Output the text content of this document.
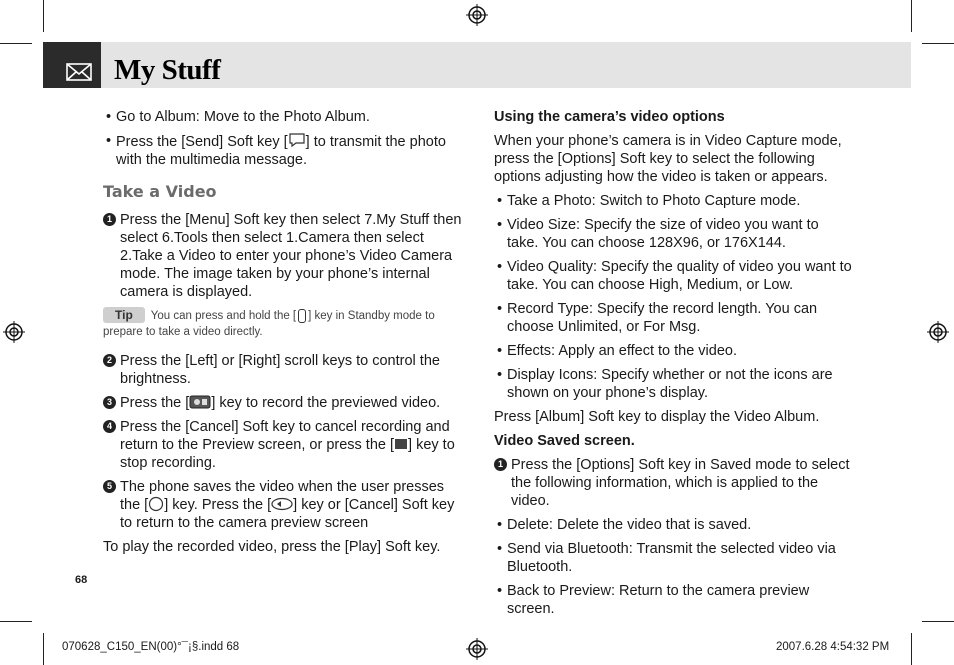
My Stuff
• Go to Album: Move to the Photo Album.
• Press the [Send] Soft key [ ] to transmit the photo with the multimedia message.
Take a Video
1 Press the [Menu] Soft key then select 7.My Stuff then select 6.Tools then select 1.Camera then select 2.Take a Video to enter your phone’s Video Camera mode. The image taken by your phone’s internal camera is displayed.
Tip You can press and hold the [ ] key in Standby mode to prepare to take a video directly.
2 Press the [Left] or [Right] scroll keys to control the brightness.
3 Press the [ ] key to record the previewed video.
4 Press the [Cancel] Soft key to cancel recording and return to the Preview screen, or press the [ ] key to stop recording.
5 The phone saves the video when the user presses the [ ] key. Press the [ ] key or [Cancel] Soft key to return to the camera preview screen
To play the recorded video, press the [Play] Soft key.
Using the camera’s video options
When your phone’s camera is in Video Capture mode, press the [Options] Soft key to select the following options adjusting how the video is taken or appears.
• Take a Photo: Switch to Photo Capture mode.
• Video Size: Specify the size of video you want to take. You can choose 128X96, or 176X144.
• Video Quality: Specify the quality of video you want to take. You can choose High, Medium, or Low.
• Record Type: Specify the record length. You can choose Unlimited, or For Msg.
• Effects: Apply an effect to the video.
• Display Icons: Specify whether or not the icons are shown on your phone’s display.
Press [Album] Soft key to display the Video Album.
Video Saved screen.
1 Press the [Options] Soft key in Saved mode to select the following information, which is applied to the video.
• Delete: Delete the video that is saved.
• Send via Bluetooth: Transmit the selected video via Bluetooth.
• Back to Preview: Return to the camera preview screen.
68
070628_C150_EN(00)°¯¡§.indd 68	2007.6.28 4:54:32 PM
